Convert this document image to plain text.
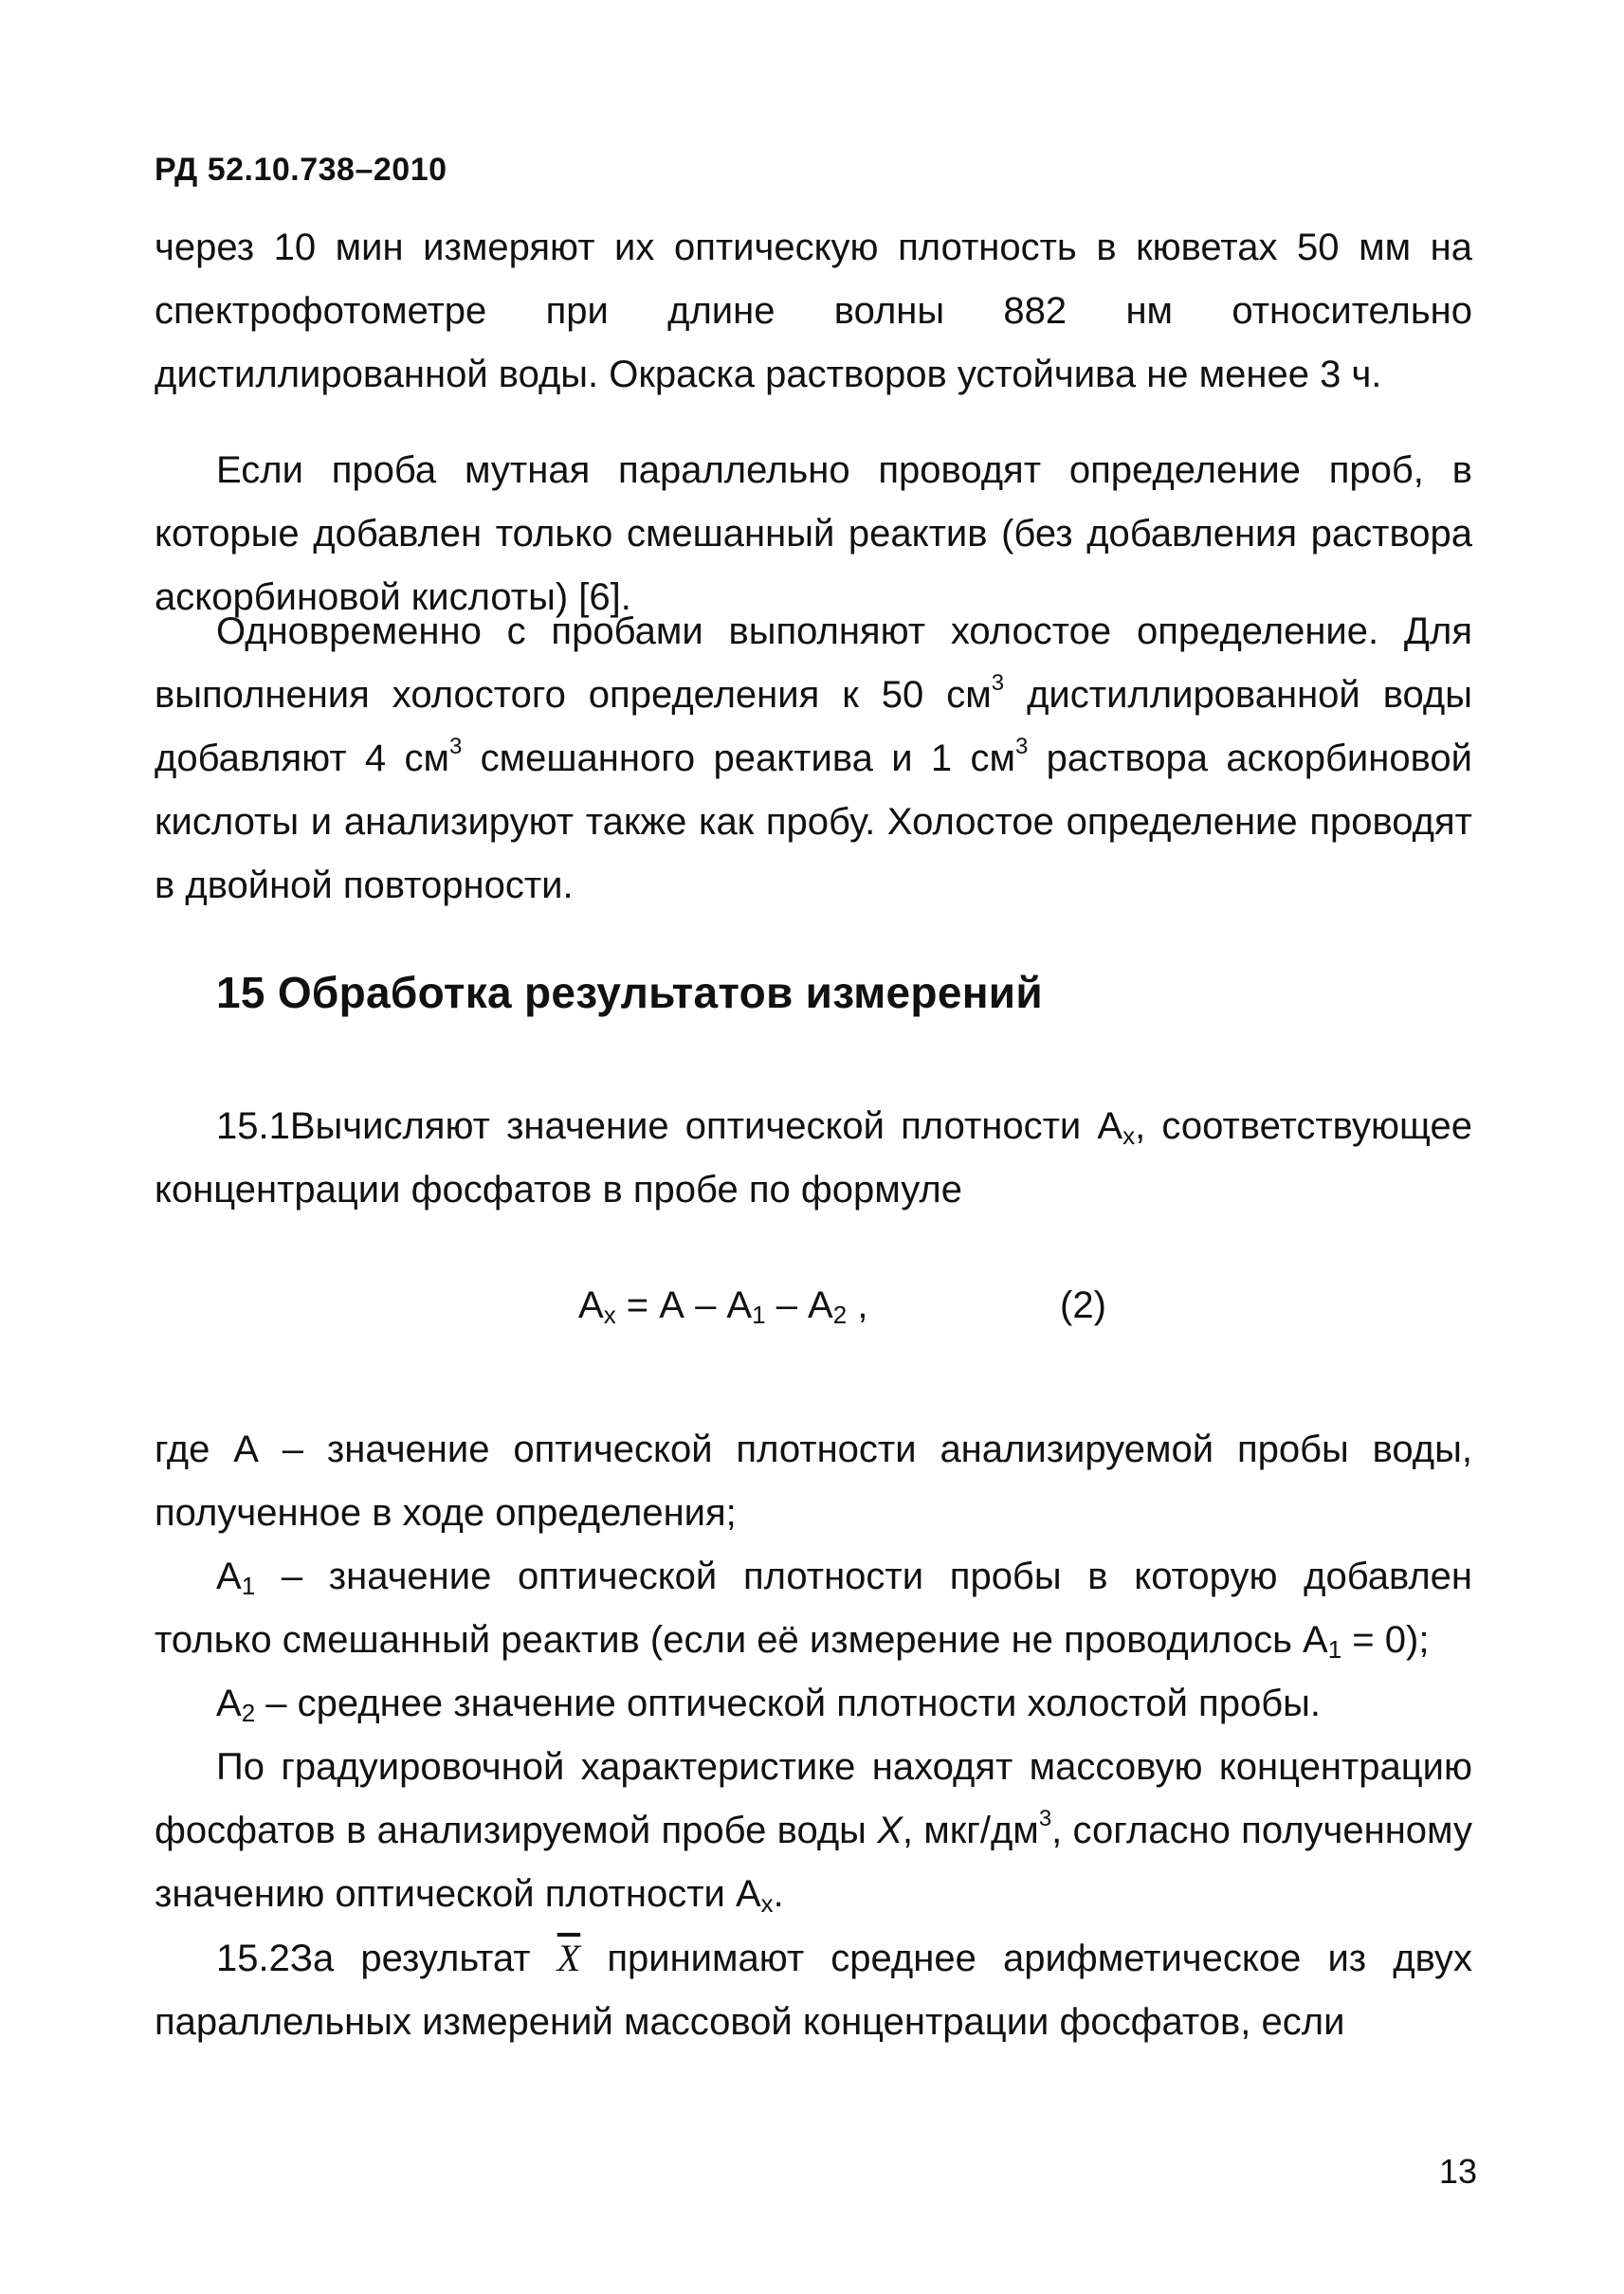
РД 52.10.738–2010

через 10 мин измеряют их оптическую плотность в кюветах 50 мм на спектрофотометре при длине волны 882 нм относительно дистиллированной воды. Окраска растворов устойчива не менее 3 ч.

Если проба мутная параллельно проводят определение проб, в которые добавлен только смешанный реактив (без добавления раствора аскорбиновой кислоты) [6].

Одновременно с пробами выполняют холостое определение. Для выполнения холостого определения к 50 $см^3$ дистиллированной воды добавляют 4 $см^3$ смешанного реактива и 1 $см^3$ раствора аскорбиновой кислоты и анализируют также как пробу. Холостое определение проводят в двойной повторности.

15 Обработка результатов измерений

15.1Вычисляют значение оптической плотности $А_х$, соответствующее концентрации фосфатов в пробе по формуле

$А_х = А - А_1 - А_2$ ,	(2)

где А – значение оптической плотности анализируемой пробы воды, полученное в ходе определения;

$А_1$ – значение оптической плотности пробы в которую добавлен только смешанный реактив (если её измерение не проводилось $А_1 = 0$);

$А_2$ – среднее значение оптической плотности холостой пробы.

По градуировочной характеристике находят массовую концентрацию фосфатов в анализируемой пробе воды X, мкг/$дм^3$, согласно полученному значению оптической плотности $А_х$.

15.2За результат $\overline{X}$ принимают среднее арифметическое из двух параллельных измерений массовой концентрации фосфатов, если

13
